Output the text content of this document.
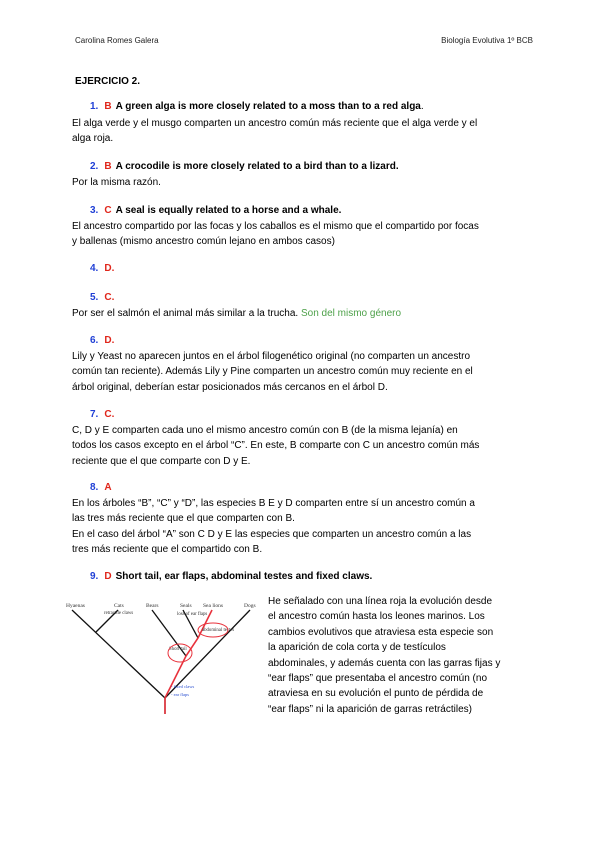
Carolina Romes Galera	Biología Evolutiva 1º BCB
EJERCICIO 2.
1. B A green alga is more closely related to a moss than to a red alga.
El alga verde y el musgo comparten un ancestro común más reciente que el alga verde y el
alga roja.
2. B A crocodile is more closely related to a bird than to a lizard.
Por la misma razón.
3. C A seal is equally related to a horse and a whale.
El ancestro compartido por las focas y los caballos es el mismo que el compartido por focas
y ballenas (mismo ancestro común lejano en ambos casos)
4. D.
5. C.
Por ser el salmón el animal más similar a la trucha. Son del mismo género
6. D.
Lily y Yeast no aparecen juntos en el árbol filogenético original (no comparten un ancestro
común tan reciente). Además Lily y Pine comparten un ancestro común muy reciente en el
árbol original, deberían estar posicionados más cercanos en el árbol D.
7. C.
C, D y E comparten cada uno el mismo ancestro común con B (de la misma lejanía) en
todos los casos excepto en el árbol “C”. En este, B comparte con C un ancestro común más
reciente que el que comparte con D y E.
8. A
En los árboles “B”, “C” y “D”, las especies B E y D comparten entre sí un ancestro común a
las tres más reciente que el que comparten con B.
En el caso del árbol “A” son C D y E las especies que comparten un ancestro común a las
tres más reciente que el compartido con B.
9. D Short tail, ear flaps, abdominal testes and fixed claws.
Hyaenas	Cats	Bears	Seals Sea lions	Dogs
retractile claws	loss of ear flaps
abdominal testes
Short tail
- fixed claws
- ear flaps
He señalado con una línea roja la evolución desde
el ancestro común hasta los leones marinos. Los
cambios evolutivos que atraviesa esta especie son
la aparición de cola corta y de testículos
abdominales, y además cuenta con las garras fijas y
“ear flaps” que presentaba el ancestro común (no
atraviesa en su evolución el punto de pérdida de
“ear flaps” ni la aparición de garras retráctiles)
